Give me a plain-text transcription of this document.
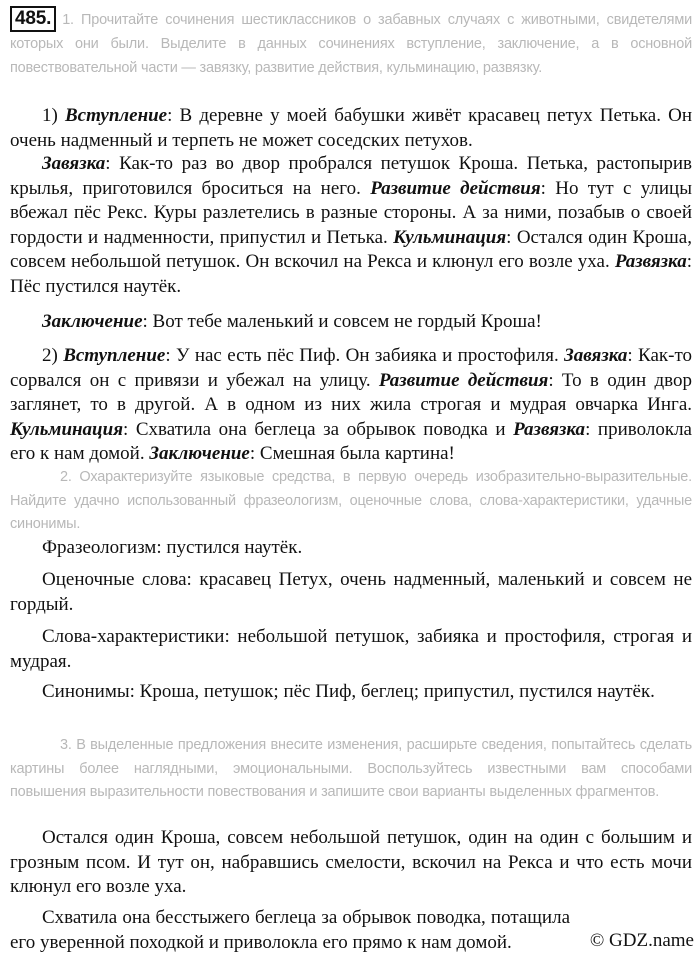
485. 1. Прочитайте сочинения шестиклассников о забавных случаях с животными, свидетелями которых они были. Выделите в данных сочинениях вступление, заключение, а в основной повествовательной части — завязку, развитие действия, кульминацию, развязку.

1) Вступление: В деревне у моей бабушки живёт красавец петух Петька. Он очень надменный и терпеть не может соседских петухов.

Завязка: Как-то раз во двор пробрался петушок Кроша. Петька, растопырив крылья, приготовился броситься на него. Развитие действия: Но тут с улицы вбежал пёс Рекс. Куры разлетелись в разные стороны. А за ними, позабыв о своей гордости и надменности, припустил и Петька. Кульминация: Остался один Кроша, совсем небольшой петушок. Он вскочил на Рекса и клюнул его возле уха. Развязка: Пёс пустился наутёк.

Заключение: Вот тебе маленький и совсем не гордый Кроша!

2) Вступление: У нас есть пёс Пиф. Он забияка и простофиля. Завязка: Как-то сорвался он с привязи и убежал на улицу. Развитие действия: То в один двор заглянет, то в другой. А в одном из них жила строгая и мудрая овчарка Инга. Кульминация: Схватила она беглеца за обрывок поводка и Развязка: приволокла его к нам домой. Заключение: Смешная была картина!

2. Охарактеризуйте языковые средства, в первую очередь изобразительно-выразительные. Найдите удачно использованный фразеологизм, оценочные слова, слова-характеристики, удачные синонимы.

Фразеологизм: пустился наутёк.

Оценочные слова: красавец Петух, очень надменный, маленький и совсем не гордый.

Слова-характеристики: небольшой петушок, забияка и простофиля, строгая и мудрая.

Синонимы: Кроша, петушок; пёс Пиф, беглец; припустил, пустился наутёк.

3. В выделенные предложения внесите изменения, расширьте сведения, попытайтесь сделать картины более наглядными, эмоциональными. Воспользуйтесь известными вам способами повышения выразительности повествования и запишите свои варианты выделенных фрагментов.

Остался один Кроша, совсем небольшой петушок, один на один с большим и грозным псом. И тут он, набравшись смелости, вскочил на Рекса и что есть мочи клюнул его возле уха.

Схватила она бесстыжего беглеца за обрывок поводка, потащила его уверенной походкой и приволокла его прямо к нам домой.	© GDZ.name
